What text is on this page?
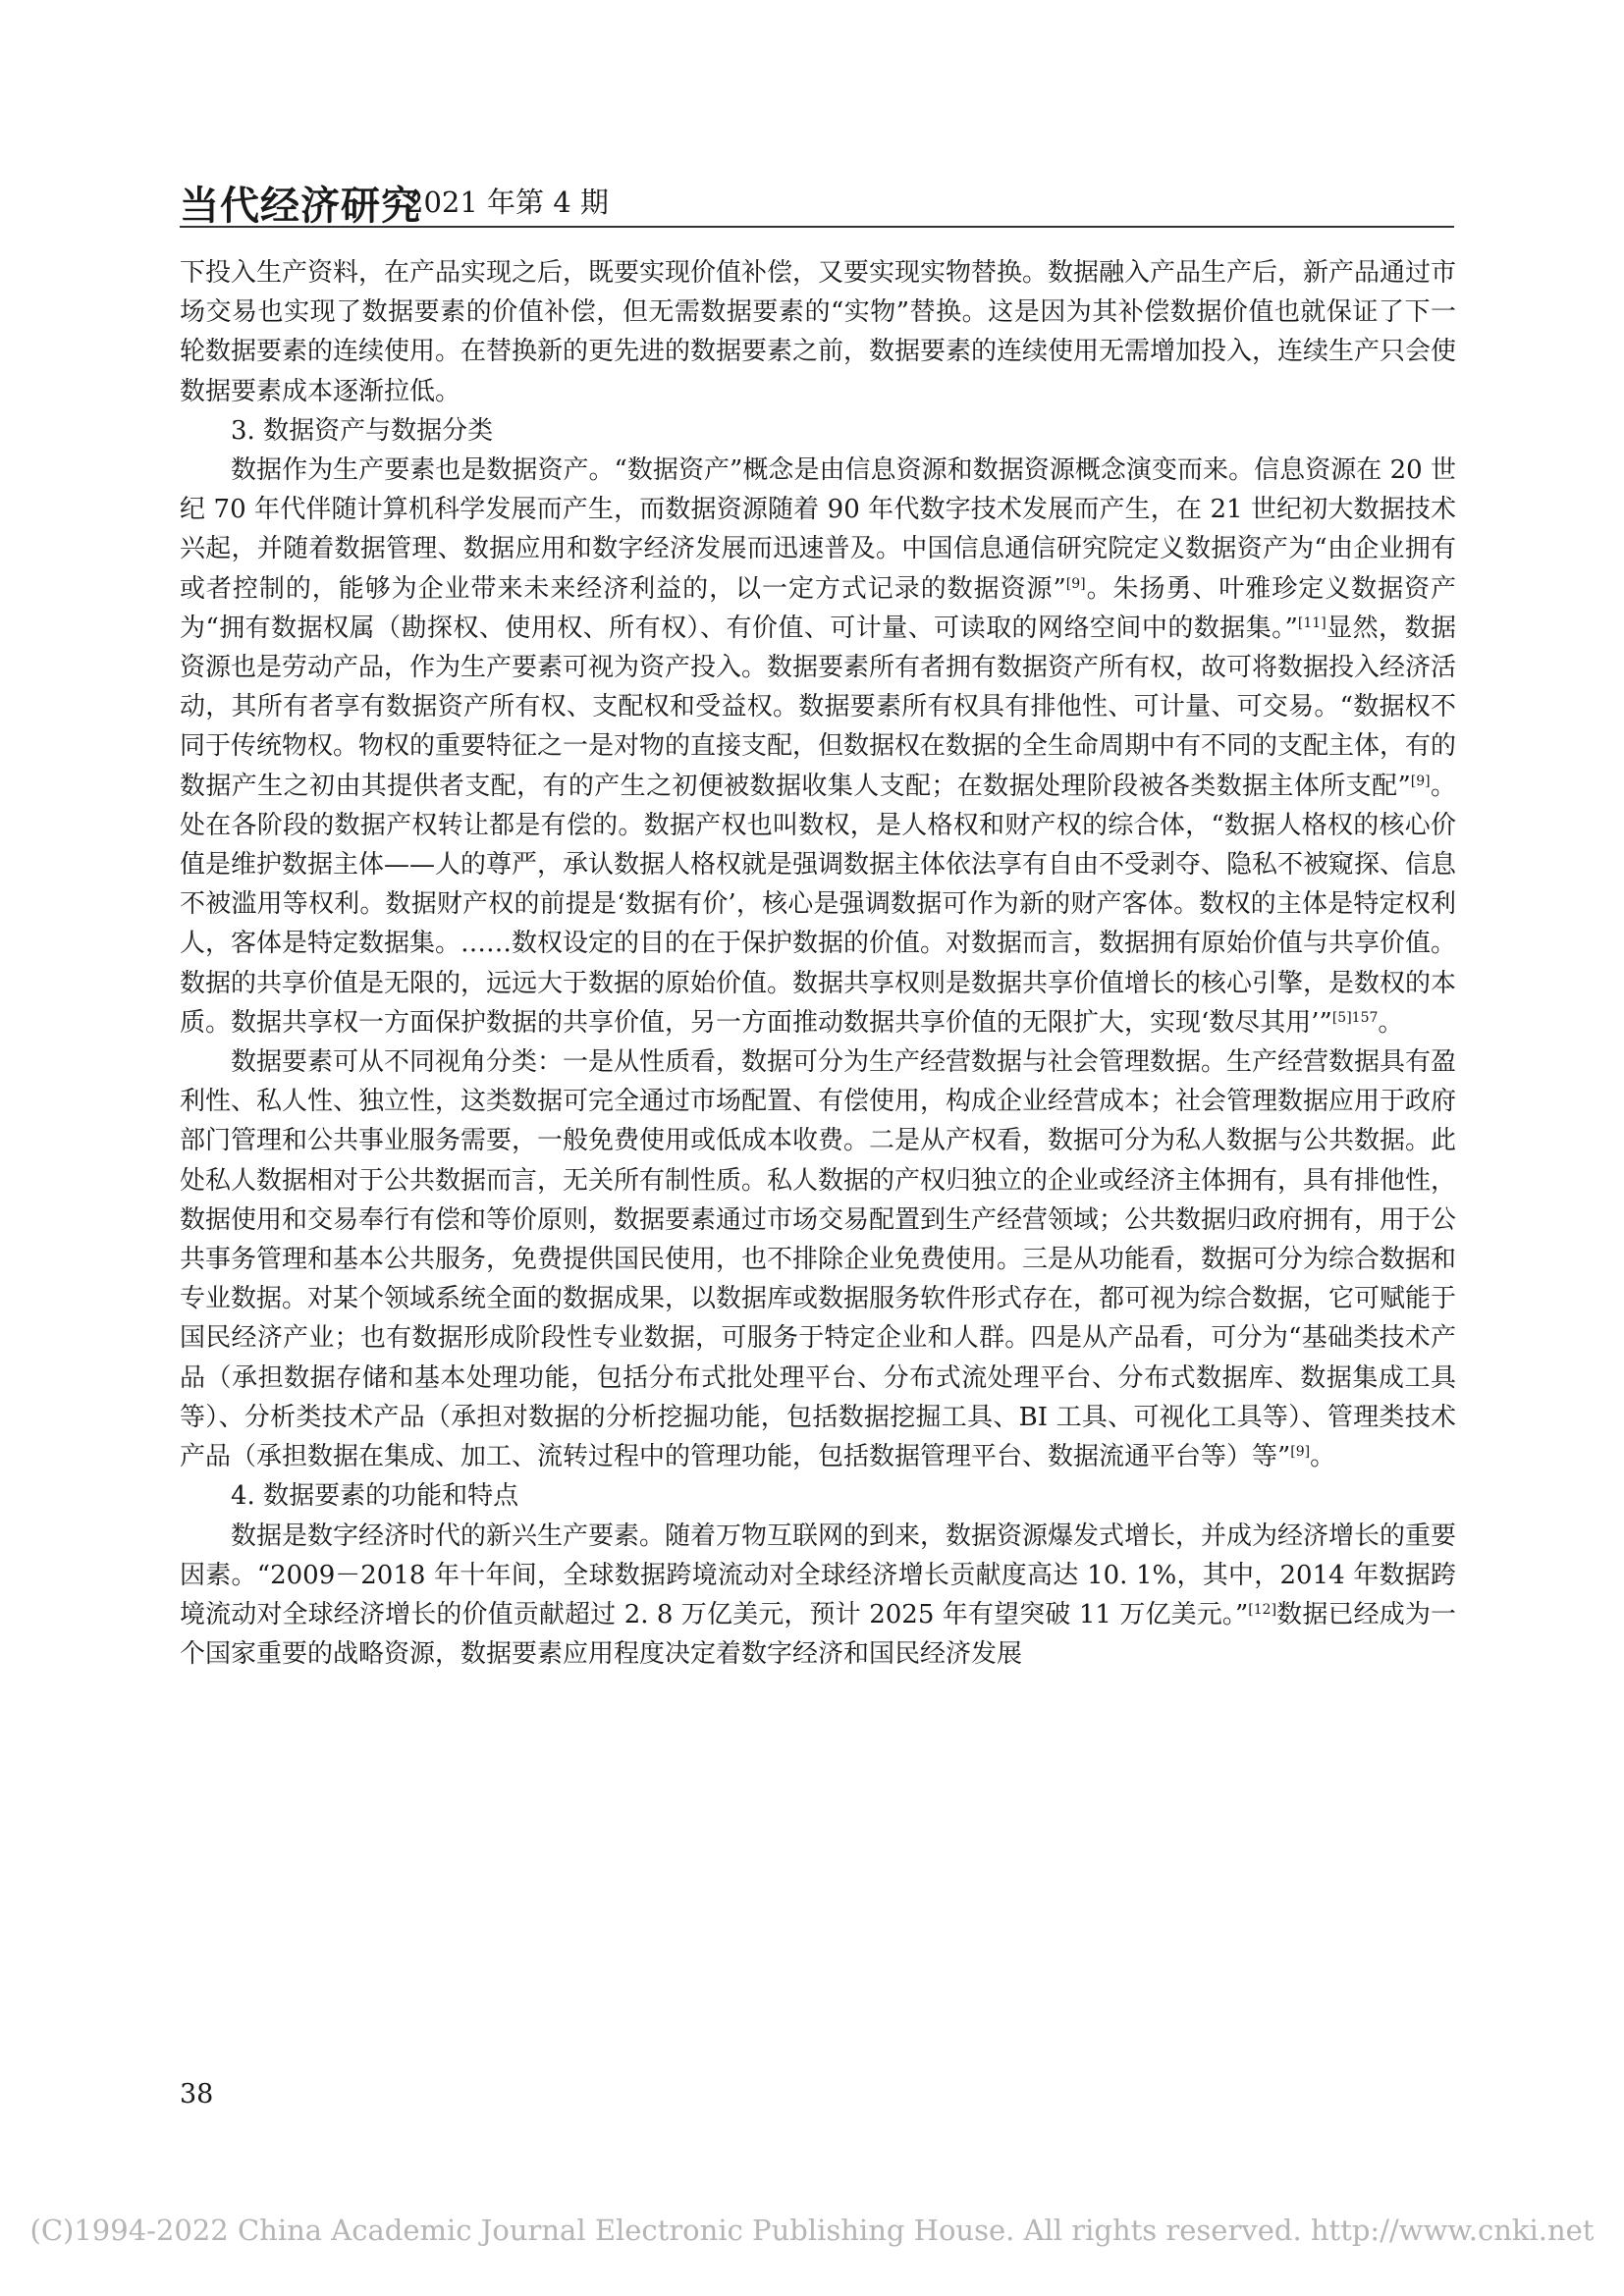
当代经济研究
2021 年第 4 期

下投入生产资料，在产品实现之后，既要实现价值补偿，又要实现实物替换。数据融入产品生产后，新产品通过市场交易也实现了数据要素的价值补偿，但无需数据要素的“实物”替换。这是因为其补偿数据价值也就保证了下一轮数据要素的连续使用。在替换新的更先进的数据要素之前，数据要素的连续使用无需增加投入，连续生产只会使数据要素成本逐渐拉低。

3. 数据资产与数据分类

数据作为生产要素也是数据资产。“数据资产”概念是由信息资源和数据资源概念演变而来。信息资源在 20 世纪 70 年代伴随计算机科学发展而产生，而数据资源随着 90 年代数字技术发展而产生，在 21 世纪初大数据技术兴起，并随着数据管理、数据应用和数字经济发展而迅速普及。中国信息通信研究院定义数据资产为“由企业拥有或者控制的，能够为企业带来未来经济利益的，以一定方式记录的数据资源”[9]。朱扬勇、叶雅珍定义数据资产为“拥有数据权属（勘探权、使用权、所有权）、有价值、可计量、可读取的网络空间中的数据集。”[11]显然，数据资源也是劳动产品，作为生产要素可视为资产投入。数据要素所有者拥有数据资产所有权，故可将数据投入经济活动，其所有者享有数据资产所有权、支配权和受益权。数据要素所有权具有排他性、可计量、可交易。“数据权不同于传统物权。物权的重要特征之一是对物的直接支配，但数据权在数据的全生命周期中有不同的支配主体，有的数据产生之初由其提供者支配，有的产生之初便被数据收集人支配；在数据处理阶段被各类数据主体所支配”[9]。处在各阶段的数据产权转让都是有偿的。数据产权也叫数权，是人格权和财产权的综合体，“数据人格权的核心价值是维护数据主体——人的尊严，承认数据人格权就是强调数据主体依法享有自由不受剥夺、隐私不被窥探、信息不被滥用等权利。数据财产权的前提是‘数据有价’，核心是强调数据可作为新的财产客体。数权的主体是特定权利人，客体是特定数据集。……数权设定的目的在于保护数据的价值。对数据而言，数据拥有原始价值与共享价值。数据的共享价值是无限的，远远大于数据的原始价值。数据共享权则是数据共享价值增长的核心引擎，是数权的本质。数据共享权一方面保护数据的共享价值，另一方面推动数据共享价值的无限扩大，实现‘数尽其用’”$^{[5]157}$。

数据要素可从不同视角分类：一是从性质看，数据可分为生产经营数据与社会管理数据。生产经营数据具有盈利性、私人性、独立性，这类数据可完全通过市场配置、有偿使用，构成企业经营成本；社会管理数据应用于政府部门管理和公共事业服务需要，一般免费使用或低成本收费。二是从产权看，数据可分为私人数据与公共数据。此处私人数据相对于公共数据而言，无关所有制性质。私人数据的产权归独立的企业或经济主体拥有，具有排他性，数据使用和交易奉行有偿和等价原则，数据要素通过市场交易配置到生产经营领域；公共数据归政府拥有，用于公共事务管理和基本公共服务，免费提供国民使用，也不排除企业免费使用。三是从功能看，数据可分为综合数据和专业数据。对某个领域系统全面的数据成果，以数据库或数据服务软件形式存在，都可视为综合数据，它可赋能于国民经济产业；也有数据形成阶段性专业数据，可服务于特定企业和人群。四是从产品看，可分为“基础类技术产品（承担数据存储和基本处理功能，包括分布式批处理平台、分布式流处理平台、分布式数据库、数据集成工具等）、分析类技术产品（承担对数据的分析挖掘功能，包括数据挖掘工具、BI 工具、可视化工具等）、管理类技术产品（承担数据在集成、加工、流转过程中的管理功能，包括数据管理平台、数据流通平台等）等”[9]。

4. 数据要素的功能和特点

数据是数字经济时代的新兴生产要素。随着万物互联网的到来，数据资源爆发式增长，并成为经济增长的重要因素。“2009－2018 年十年间，全球数据跨境流动对全球经济增长贡献度高达 10. 1%，其中，2014 年数据跨境流动对全球经济增长的价值贡献超过 2. 8 万亿美元，预计 2025 年有望突破 11 万亿美元。”[12]数据已经成为一个国家重要的战略资源，数据要素应用程度决定着数字经济和国民经济发展

38
(C)1994-2022 China Academic Journal Electronic Publishing House. All rights reserved. http://www.cnki.net
